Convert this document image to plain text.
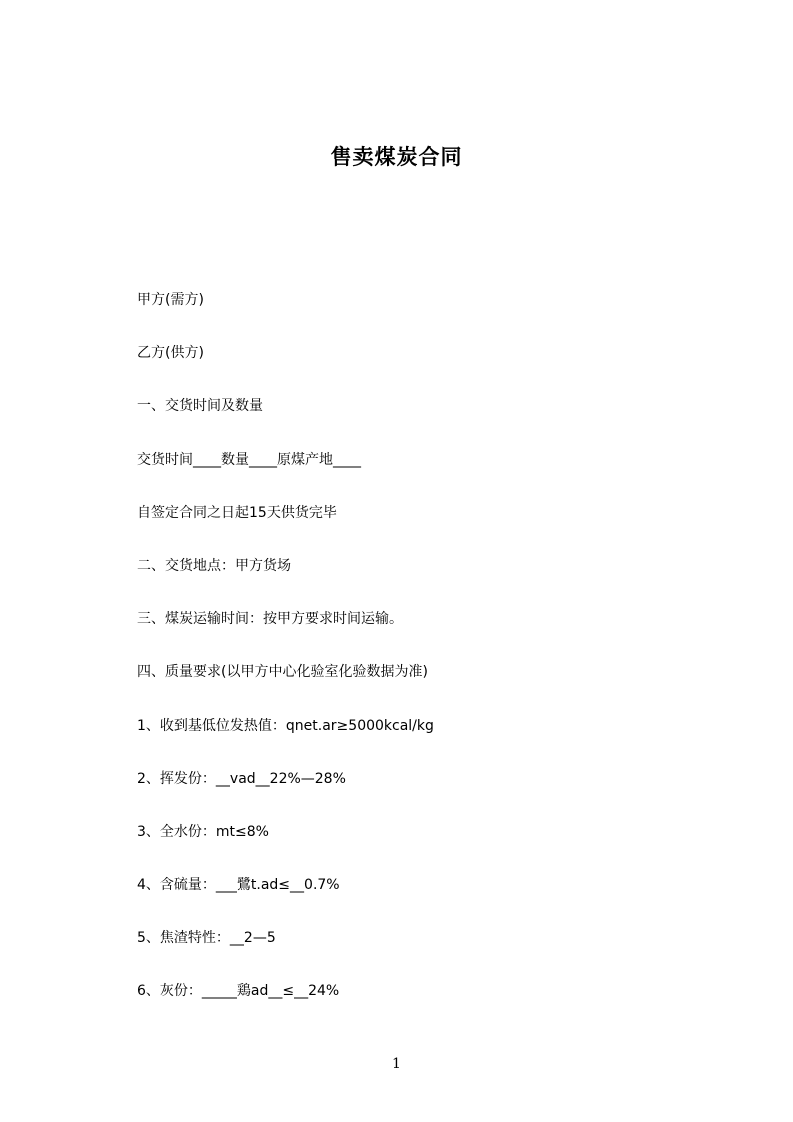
售卖煤炭合同
甲方(需方)
乙方(供方)
一、交货时间及数量
交货时间____数量____原煤产地____
自签定合同之日起15天供货完毕
二、交货地点：甲方货场
三、煤炭运输时间：按甲方要求时间运输。
四、质量要求(以甲方中心化验室化验数据为准)
1、收到基低位发热值：qnet.ar≥5000kcal/kg
2、挥发份：__vad__22%—28%
3、全水份：mt≤8%
4、含硫量：___鷺t.ad≤__0.7%
5、焦渣特性：__2—5
6、灰份：_____鶏ad__≤__24%
1
